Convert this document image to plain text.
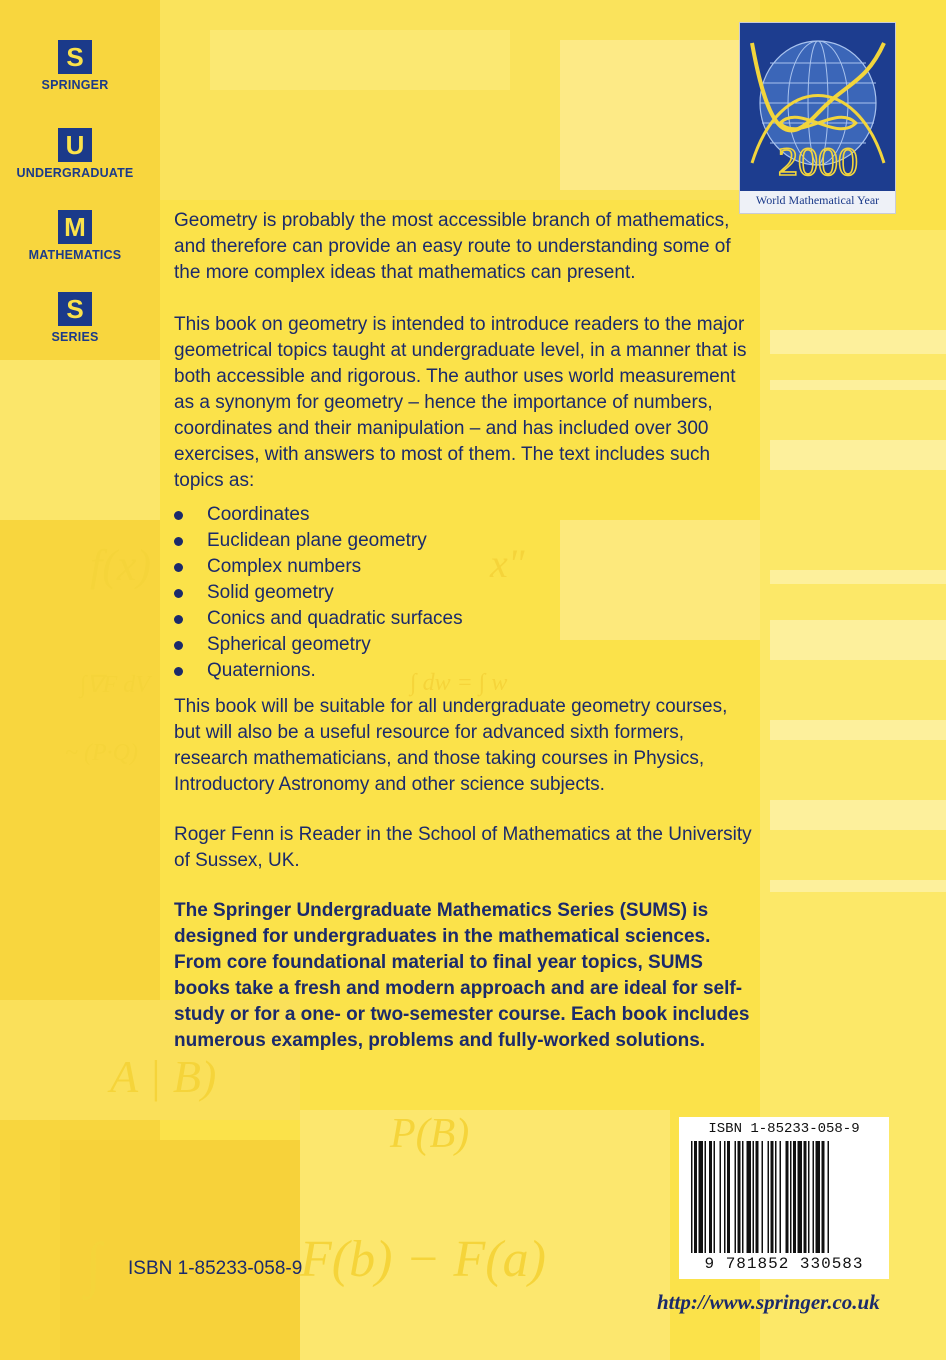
f(x)	x"
∫∇F dV	∫ dw = ∫ w
~ (P·Q)
A | B)
P(B)
F(b) − F(a)
∫
S
SPRINGER
U
UNDERGRADUATE
M
MATHEMATICS
S
SERIES
2000
World Mathematical Year

Geometry is probably the most accessible branch of mathematics, and therefore can provide an easy route to understanding some of the more complex ideas that mathematics can present.

This book on geometry is intended to introduce readers to the major geometrical topics taught at undergraduate level, in a manner that is both accessible and rigorous. The author uses world measurement as a synonym for geometry – hence the importance of numbers, coordinates and their manipulation – and has included over 300 exercises, with answers to most of them. The text includes such topics as:

Coordinates
Euclidean plane geometry
Complex numbers
Solid geometry
Conics and quadratic surfaces
Spherical geometry
Quaternions.

This book will be suitable for all undergraduate geometry courses, but will also be a useful resource for advanced sixth formers, research mathematicians, and those taking courses in Physics, Introductory Astronomy and other science subjects.

Roger Fenn is Reader in the School of Mathematics at the University of Sussex, UK.

The Springer Undergraduate Mathematics Series (SUMS) is designed for undergraduates in the mathematical sciences. From core foundational material to final year topics, SUMS books take a fresh and modern approach and are ideal for self-study or for a one- or two-semester course. Each book includes numerous examples, problems and fully-worked solutions.

ISBN 1-85233-058-9
9 781852 330583
ISBN 1-85233-058-9
http://www.springer.co.uk
